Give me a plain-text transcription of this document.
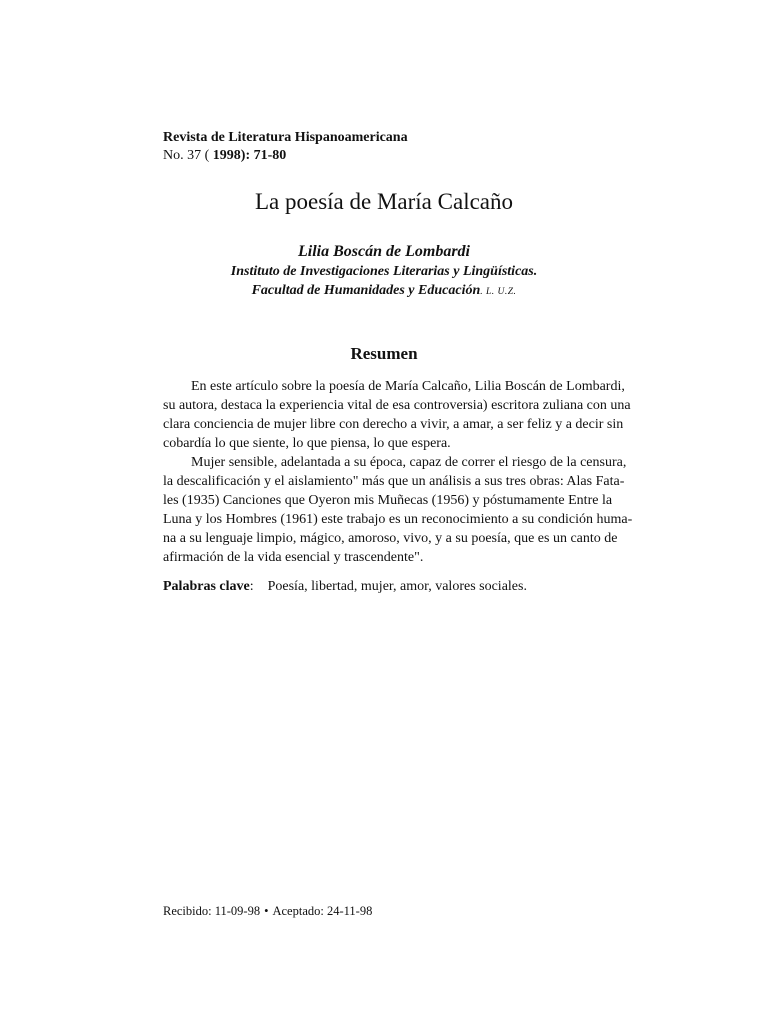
Revista de Literatura Hispanoamericana
No. 37 ( 1998): 71-80
La poesía de María Calcaño
Lilia Boscán de Lombardi
Instituto de Investigaciones Literarias y Lingüísticas.
Facultad de Humanidades y Educación. L. U.Z.
Resumen
En este artículo sobre la poesía de María Calcaño, Lilia Boscán de Lombardi,
su autora, destaca la experiencia vital de esa controversia) escritora zuliana con una
clara conciencia de mujer libre con derecho a vivir, a amar, a ser feliz y a decir sin
cobardía lo que siente, lo que piensa, lo que espera.
Mujer sensible, adelantada a su época, capaz de correr el riesgo de la censura,
la descalificación y el aislamiento" más que un análisis a sus tres obras: Alas Fata-
les (1935) Canciones que Oyeron mis Muñecas (1956) y póstumamente Entre la
Luna y los Hombres (1961) este trabajo es un reconocimiento a su condición huma-
na a su lenguaje limpio, mágico, amoroso, vivo, y a su poesía, que es un canto de
afirmación de la vida esencial y trascendente".
Palabras clave: Poesía, libertad, mujer, amor, valores sociales.
Recibido: 11-09-98 • Aceptado: 24-11-98
